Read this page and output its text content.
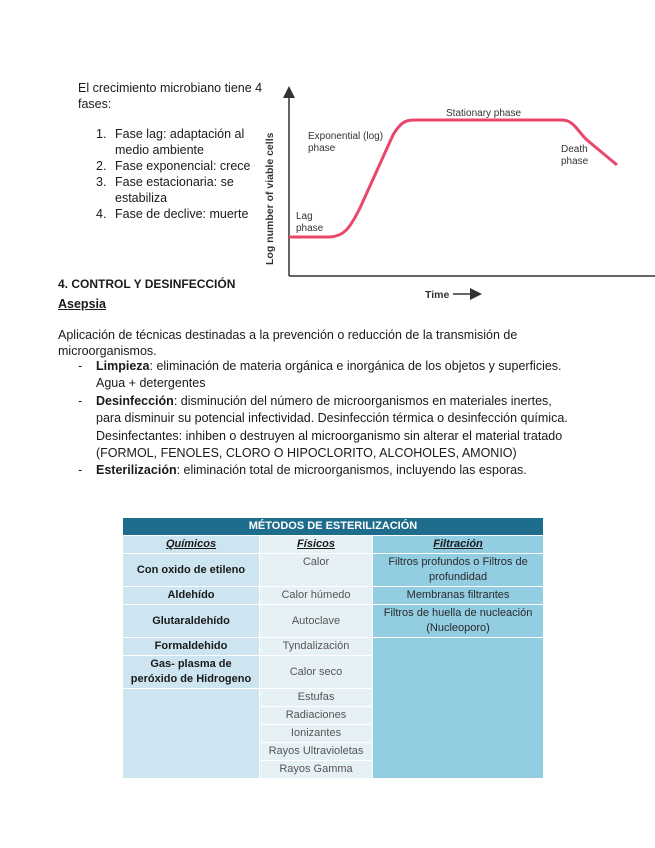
El crecimiento microbiano tiene 4 fases:

1. Fase lag: adaptación al medio ambiente
2. Fase exponencial: crece
3. Fase estacionaria: se estabiliza
4. Fase de declive: muerte	Log number of viable cells
Time
Stationary phase
Exponential (log)
phase	Death
phase
Lag
phase
4. CONTROL Y DESINFECCIÓN
Asepsia

Aplicación de técnicas destinadas a la prevención o reducción de la transmisión de microorganismos.

- Limpieza: eliminación de materia orgánica e inorgánica de los objetos y superficies. Agua + detergentes
- Desinfección: disminución del número de microorganismos en materiales inertes, para disminuir su potencial infectividad. Desinfección térmica o desinfección química. Desinfectantes: inhiben o destruyen al microorganismo sin alterar el material tratado (FORMOL, FENOLES, CLORO O HIPOCLORITO, ALCOHOLES, AMONIO)
- Esterilización: eliminación total de microorganismos, incluyendo las esporas.
MÉTODOS DE ESTERILIZACIÓN		
Químicos	Físicos	Filtración
Con oxido de etileno	Calor	Filtros profundos o Filtros de profundidad
Aldehído	Calor húmedo	Membranas filtrantes
Glutaraldehído	Autoclave	Filtros de huella de nucleación (Nucleoporo)
Formaldehido	Tyndalización	
Gas- plasma de peróxido de Hidrogeno	Calor seco	
	Estufas	
	Radiaciones	
	Ionizantes	
	Rayos Ultravioletas	
	Rayos Gamma	
